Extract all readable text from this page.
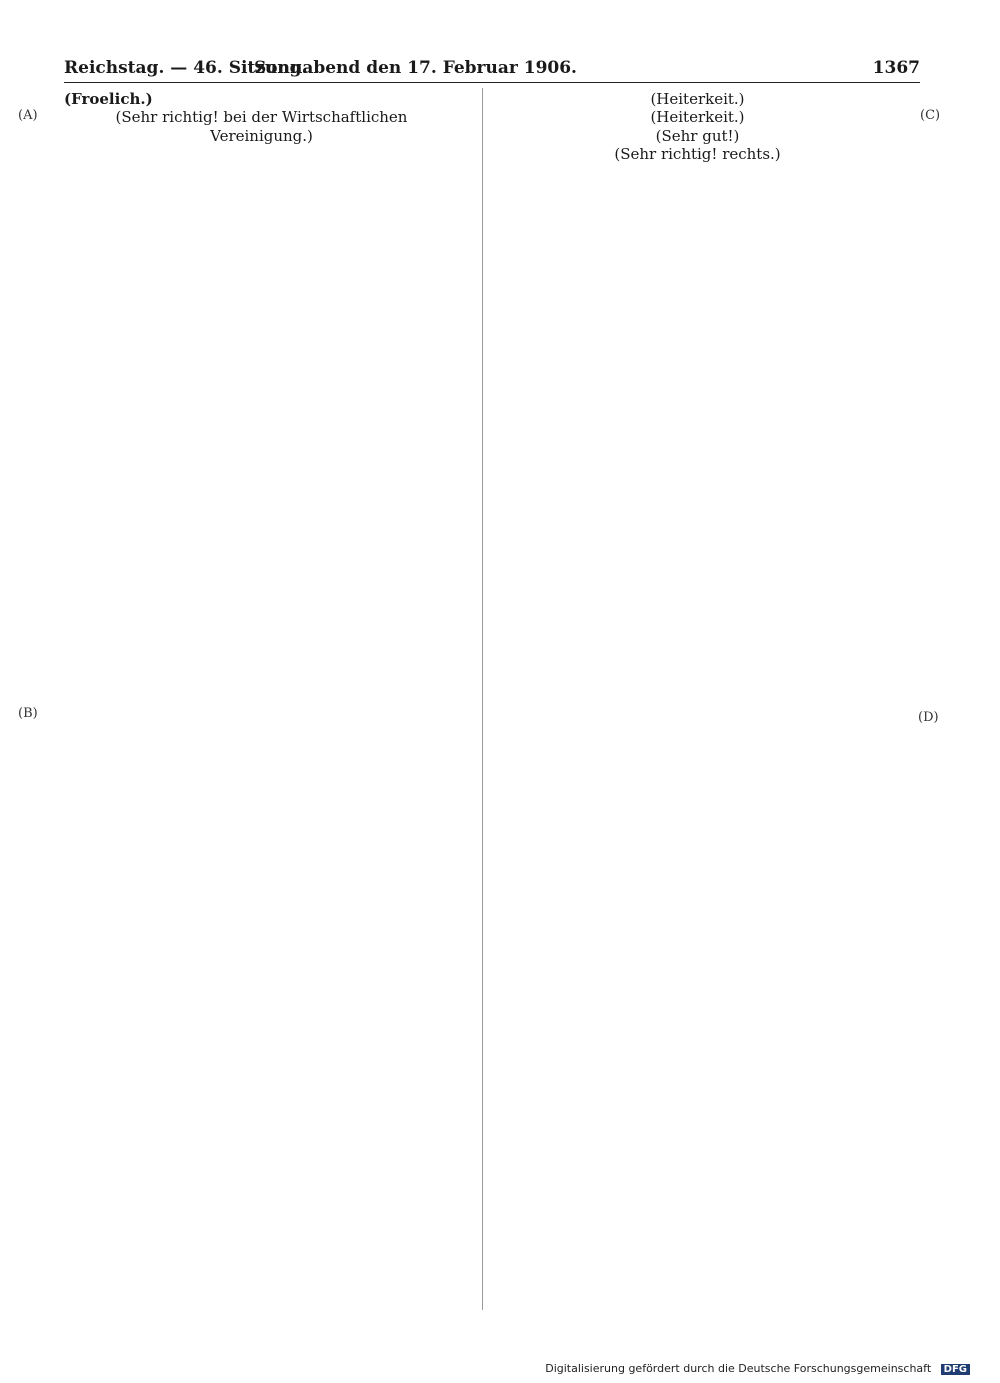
Reichstag. — 46. Sitzung.
Sonnabend den 17. Februar 1906.	1367
(A)
(B)
(C)
(D)
(Froelich.)

(Sehr richtig! bei der Wirtschaftlichen Vereinigung.)

(Heiterkeit.)

(Heiterkeit.)

(Sehr gut!)

(Sehr richtig! rechts.)

Digitalisierung gefördert durch die Deutsche Forschungsgemeinschaft DFG
